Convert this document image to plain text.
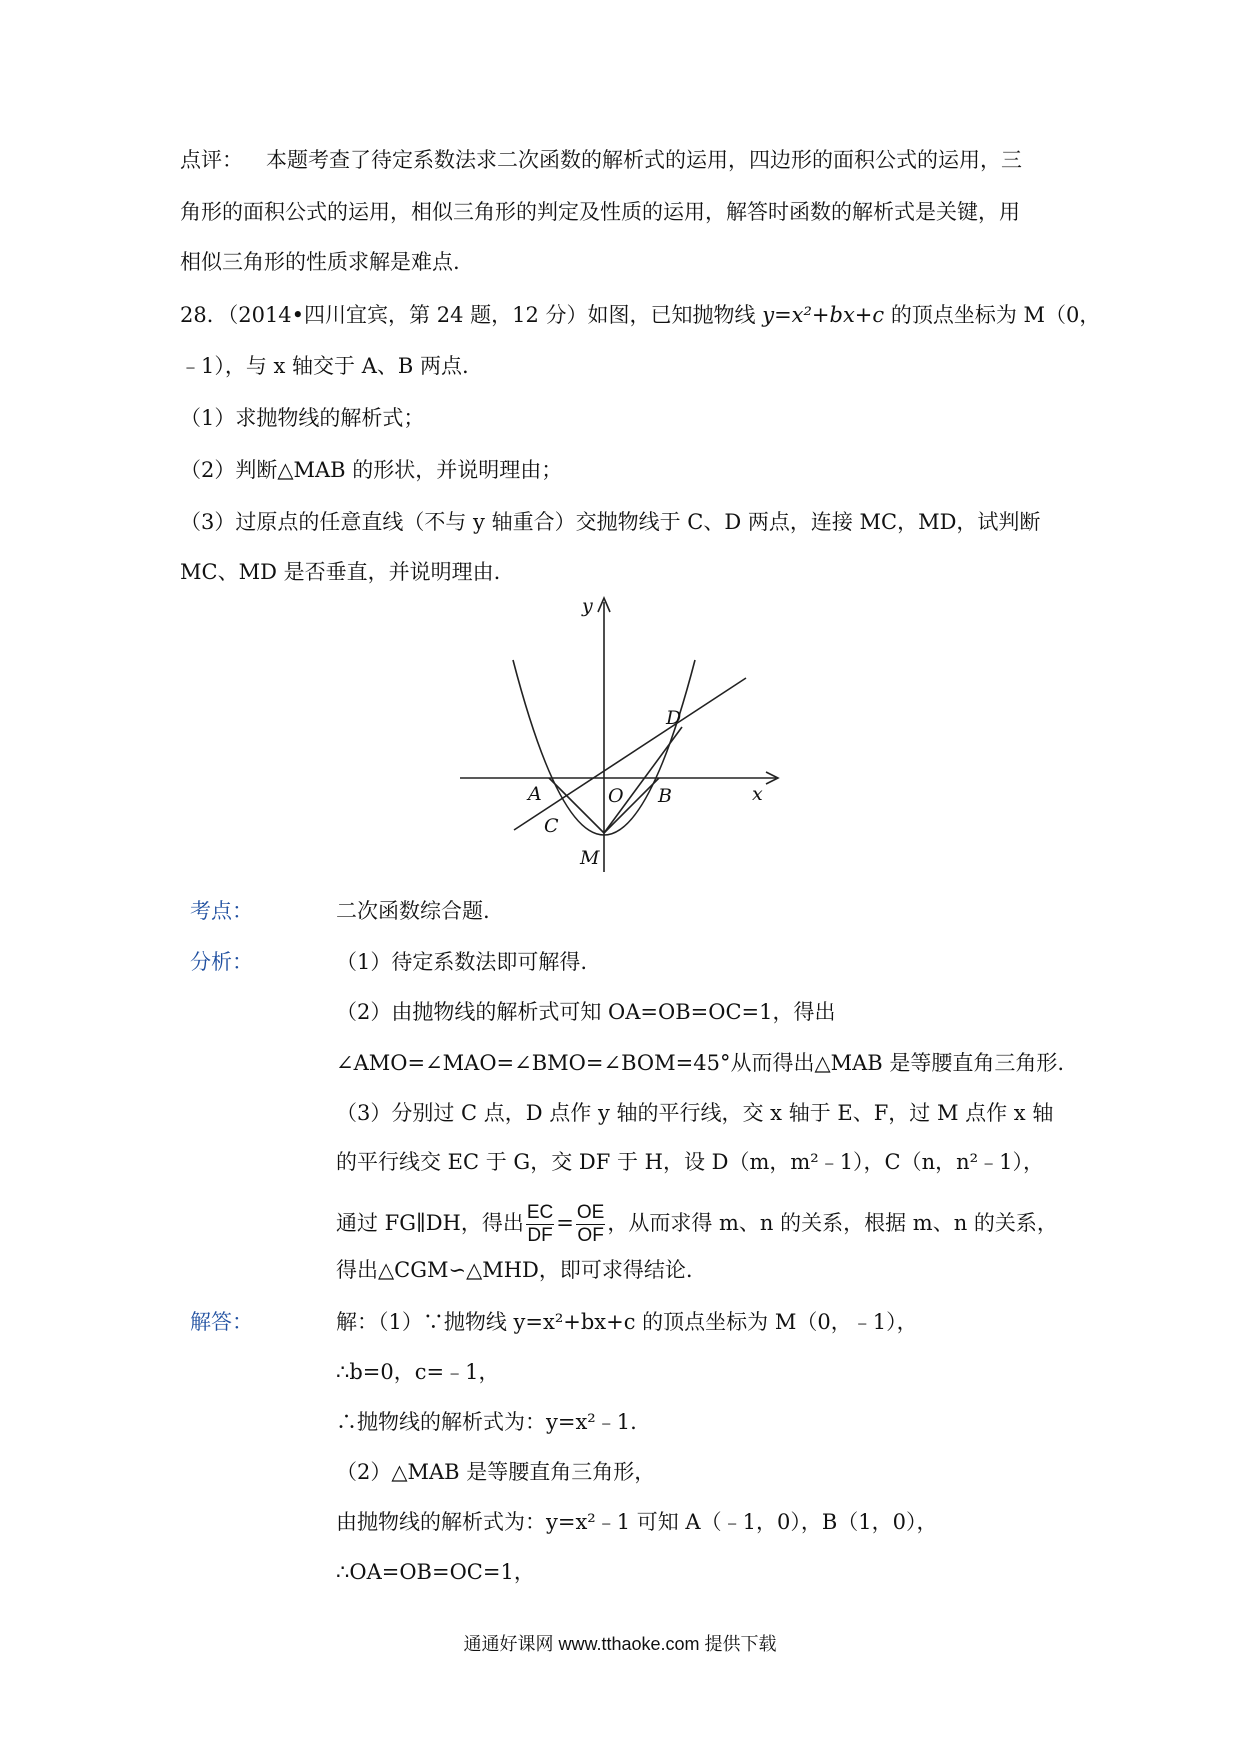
点评： 本题考查了待定系数法求二次函数的解析式的运用，四边形的面积公式的运用，三
角形的面积公式的运用，相似三角形的判定及性质的运用，解答时函数的解析式是关键，用
相似三角形的性质求解是难点.
28．（2014•四川宜宾，第 24 题，12 分）如图，已知抛物线 y=x²+bx+c 的顶点坐标为 M（0，
﹣1），与 x 轴交于 A、B 两点.
（1）求抛物线的解析式；
（2）判断△MAB 的形状，并说明理由；
（3）过原点的任意直线（不与 y 轴重合）交抛物线于 C、D 两点，连接 MC，MD，试判断
MC、MD 是否垂直，并说明理由.
y
x
O
A	B
C
D
M
考点：	二次函数综合题.
分析：	（1）待定系数法即可解得.
（2）由抛物线的解析式可知 OA=OB=OC=1，得出
∠AMO=∠MAO=∠BMO=∠BOM=45°从而得出△MAB 是等腰直角三角形.
（3）分别过 C 点，D 点作 y 轴的平行线，交 x 轴于 E、F，过 M 点作 x 轴
的平行线交 EC 于 G，交 DF 于 H，设 D（m，m²﹣1），C（n，n²﹣1），
通过 FG∥DH，得出 $\frac{EC}{DF} = \frac{OE}{OF}$ ，从而求得 m、n 的关系，根据 m、n 的关系，
得出△CGM∽△MHD，即可求得结论.
解答：	解：（1）∵抛物线 y=x²+bx+c 的顶点坐标为 M（0，﹣1），
∴b=0，c=﹣1，
∴抛物线的解析式为：y=x²﹣1.
（2）△MAB 是等腰直角三角形，
由抛物线的解析式为：y=x²﹣1 可知 A（﹣1，0），B（1，0），
∴OA=OB=OC=1，
通通好课网 www.tthaoke.com 提供下载
